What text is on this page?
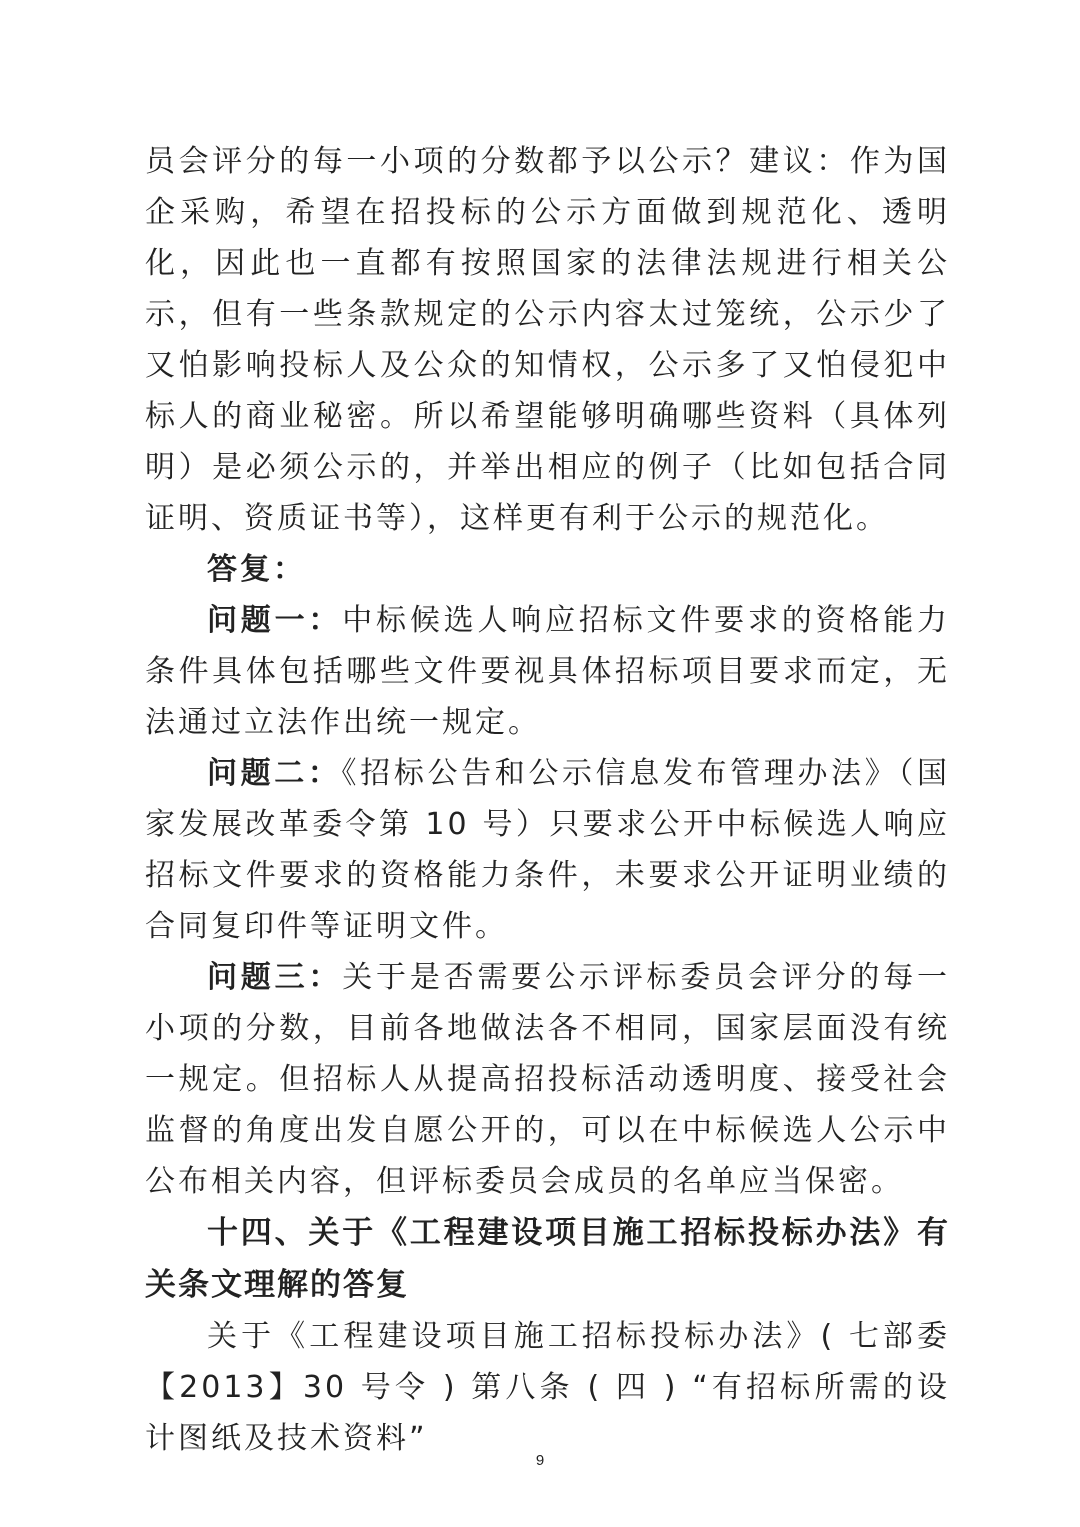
员会评分的每一小项的分数都予以公示？建议：作为国企采购，希望在招投标的公示方面做到规范化、透明化，因此也一直都有按照国家的法律法规进行相关公示，但有一些条款规定的公示内容太过笼统，公示少了又怕影响投标人及公众的知情权，公示多了又怕侵犯中标人的商业秘密。所以希望能够明确哪些资料（具体列明）是必须公示的，并举出相应的例子（比如包括合同证明、资质证书等），这样更有利于公示的规范化。

答复：

问题一：中标候选人响应招标文件要求的资格能力条件具体包括哪些文件要视具体招标项目要求而定，无法通过立法作出统一规定。

问题二：《招标公告和公示信息发布管理办法》（国家发展改革委令第 10 号）只要求公开中标候选人响应招标文件要求的资格能力条件，未要求公开证明业绩的合同复印件等证明文件。

问题三：关于是否需要公示评标委员会评分的每一小项的分数，目前各地做法各不相同，国家层面没有统一规定。但招标人从提高招投标活动透明度、接受社会监督的角度出发自愿公开的，可以在中标候选人公示中公布相关内容，但评标委员会成员的名单应当保密。

十四、关于《工程建设项目施工招标投标办法》有关条文理解的答复

关于《工程建设项目施工招标投标办法》( 七部委【2013】30 号令 ) 第八条 ( 四 ) “有招标所需的设计图纸及技术资料”

9
